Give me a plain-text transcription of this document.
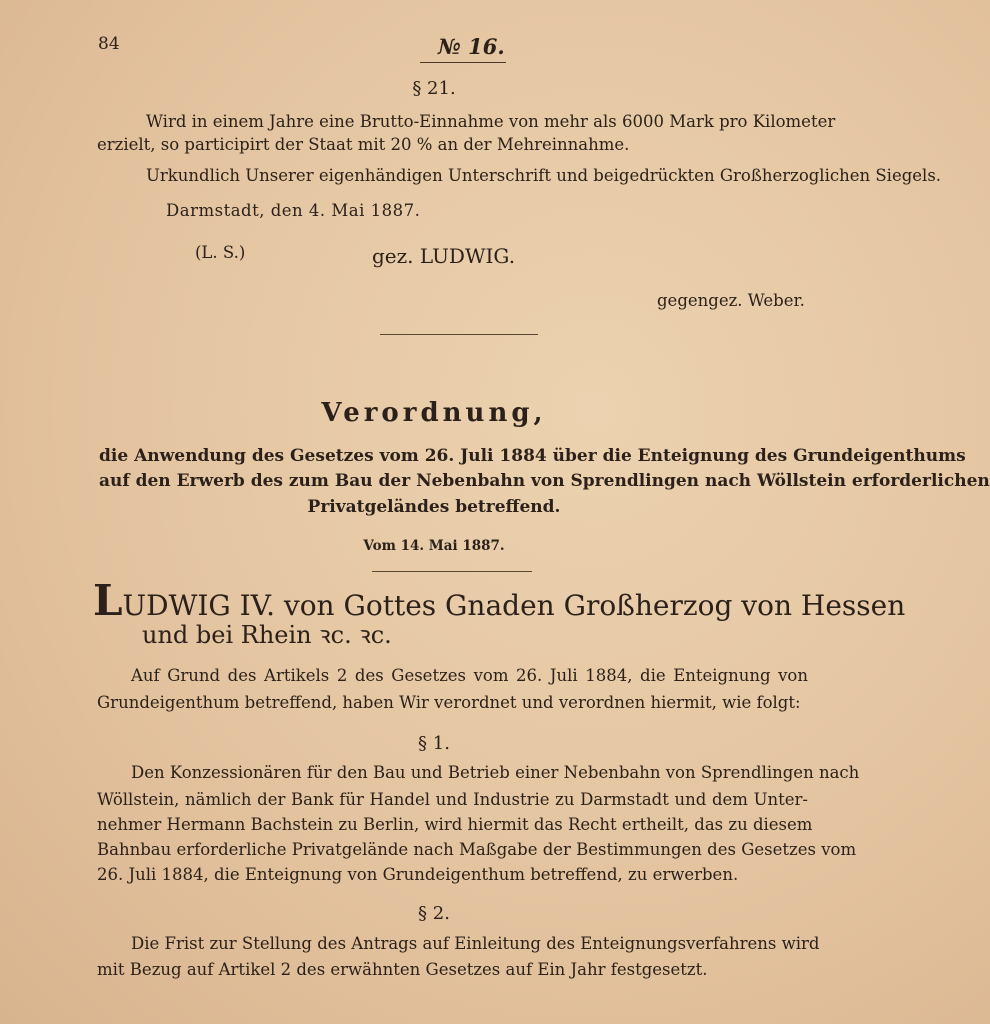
84	№ 16.
§ 21.
Wird in einem Jahre eine Brutto-Einnahme von mehr als 6000 Mark pro Kilometer
erzielt, so participirt der Staat mit 20 % an der Mehreinnahme.
Urkundlich Unserer eigenhändigen Unterschrift und beigedrückten Großherzoglichen Siegels.
Darmstadt, den 4. Mai 1887.
(L. S.)	gez. LUDWIG.
gegengez. Weber.
Verordnung,
die Anwendung des Gesetzes vom 26. Juli 1884 über die Enteignung des Grundeigenthums
auf den Erwerb des zum Bau der Nebenbahn von Sprendlingen nach Wöllstein erforderlichen
Privatgeländes betreffend.
Vom 14. Mai 1887.
LUDWIG IV. von Gottes Gnaden Großherzog von Hessen
und bei Rhein ꝛc. ꝛc.
Auf Grund des Artikels 2 des Gesetzes vom 26. Juli 1884, die Enteignung von
Grundeigenthum betreffend, haben Wir verordnet und verordnen hiermit, wie folgt:
§ 1.
Den Konzessionären für den Bau und Betrieb einer Nebenbahn von Sprendlingen nach
Wöllstein, nämlich der Bank für Handel und Industrie zu Darmstadt und dem Unter-
nehmer Hermann Bachstein zu Berlin, wird hiermit das Recht ertheilt, das zu diesem
Bahnbau erforderliche Privatgelände nach Maßgabe der Bestimmungen des Gesetzes vom
26. Juli 1884, die Enteignung von Grundeigenthum betreffend, zu erwerben.
§ 2.
Die Frist zur Stellung des Antrags auf Einleitung des Enteignungsverfahrens wird
mit Bezug auf Artikel 2 des erwähnten Gesetzes auf Ein Jahr festgesetzt.
